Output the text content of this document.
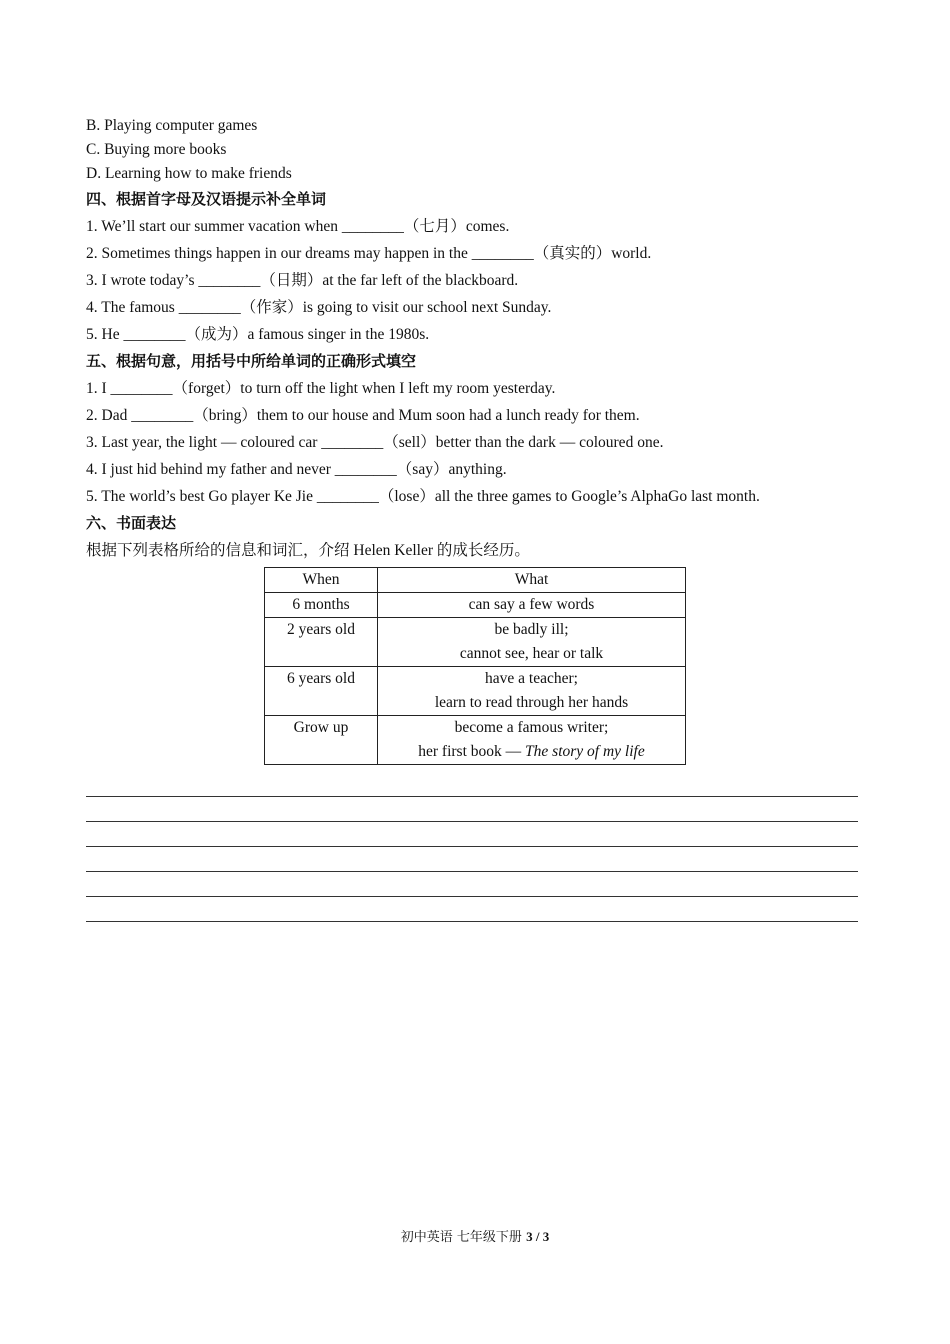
B. Playing computer games
C. Buying more books
D. Learning how to make friends
四、根据首字母及汉语提示补全单词
1. We’ll start our summer vacation when ________（七月）comes.
2. Sometimes things happen in our dreams may happen in the ________（真实的）world.
3. I wrote today’s ________（日期）at the far left of the blackboard.
4. The famous ________（作家）is going to visit our school next Sunday.
5. He ________（成为）a famous singer in the 1980s.
五、根据句意，用括号中所给单词的正确形式填空
1. I ________（forget）to turn off the light when I left my room yesterday.
2. Dad ________（bring）them to our house and Mum soon had a lunch ready for them.
3. Last year, the light — coloured car ________（sell）better than the dark — coloured one.
4. I just hid behind my father and never ________（say）anything.
5. The world’s best Go player Ke Jie ________（lose）all the three games to Google’s AlphaGo last month.
六、书面表达
根据下列表格所给的信息和词汇，介绍 Helen Keller 的成长经历。
When	What
6 months	can say a few words

2 years old	be badly ill;
cannot see, hear or talk

6 years old	have a teacher;
learn to read through her hands

Grow up	become a famous writer;
her first book — The story of my life
初中英语 七年级下册 3 / 3
